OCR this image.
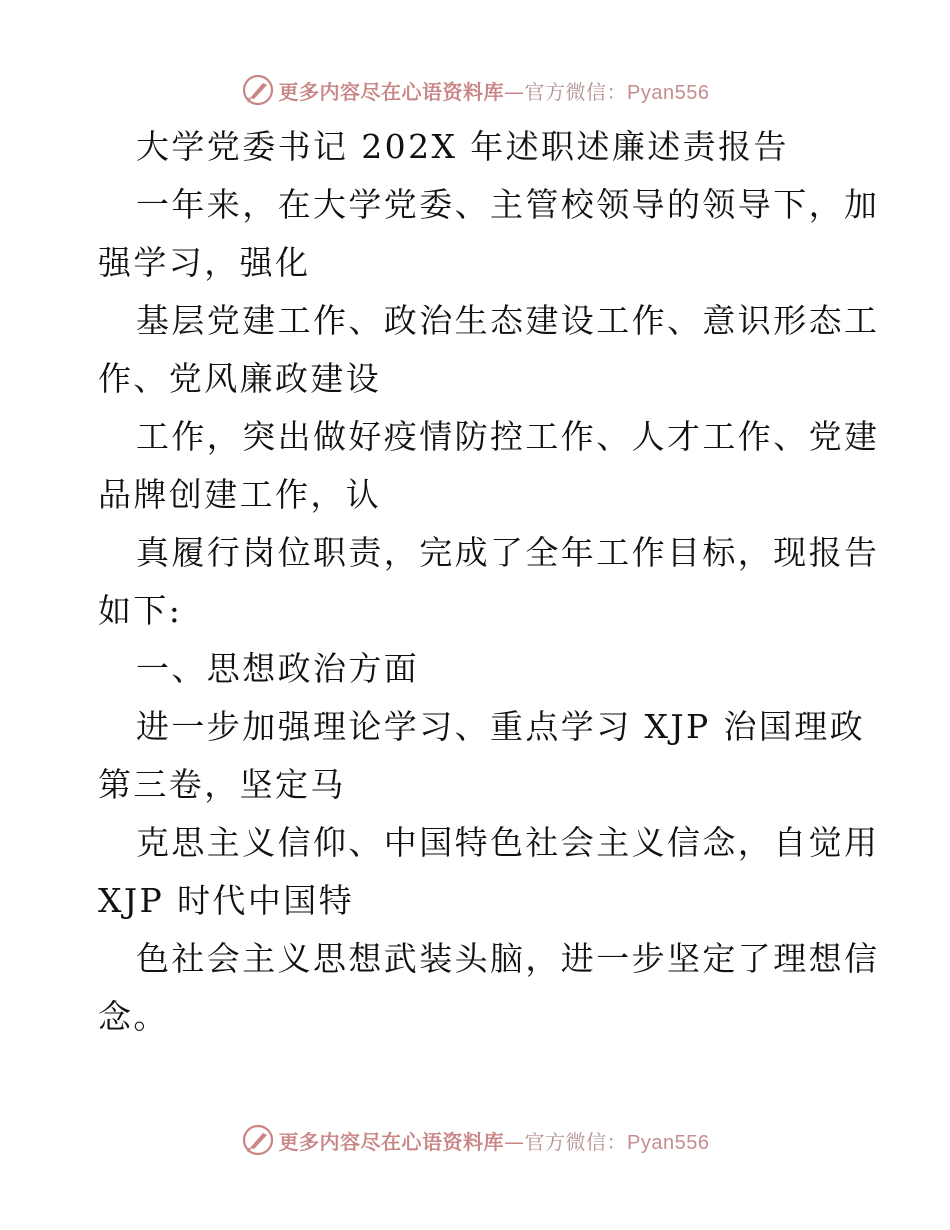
更多内容尽在心语资料库—官方微信：Pyan556
大学党委书记 202X 年述职述廉述责报告
一年来，在大学党委、主管校领导的领导下，加
强学习，强化
基层党建工作、政治生态建设工作、意识形态工
作、党风廉政建设
工作，突出做好疫情防控工作、人才工作、党建
品牌创建工作，认
真履行岗位职责，完成了全年工作目标，现报告
如下:
一、思想政治方面
进一步加强理论学习、重点学习 XJP 治国理政
第三卷，坚定马
克思主义信仰、中国特色社会主义信念，自觉用
XJP 时代中国特
色社会主义思想武装头脑，进一步坚定了理想信
念。
更多内容尽在心语资料库—官方微信：Pyan556
